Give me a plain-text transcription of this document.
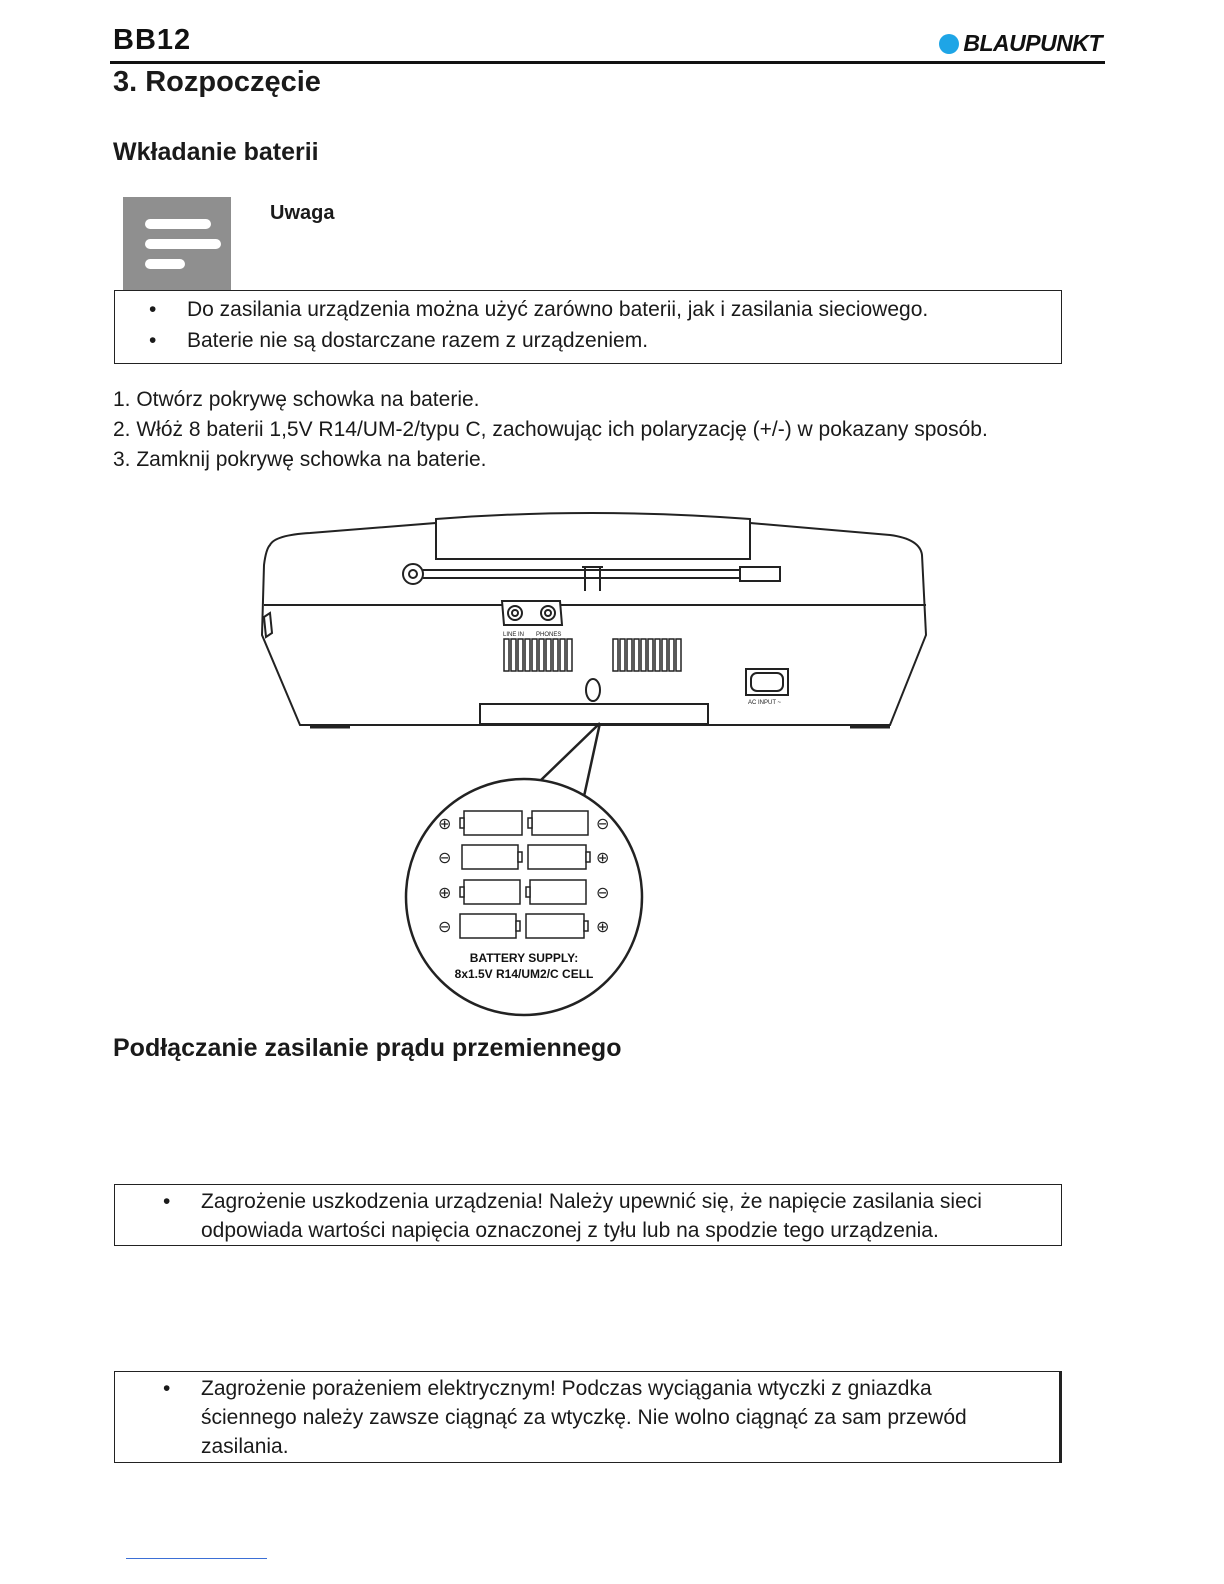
BB12	BLAUPUNKT
3. Rozpoczęcie
Wkładanie baterii
Uwaga
• Do zasilania urządzenia można użyć zarówno baterii, jak i zasilania sieciowego.
• Baterie nie są dostarczane razem z urządzeniem.
1. Otwórz pokrywę schowka na baterie.
2. Włóż 8 baterii 1,5V R14/UM-2/typu C, zachowując ich polaryzację (+/-) w pokazany sposób.
3. Zamknij pokrywę schowka na baterie.
LINE IN PHONES
AC INPUT ~
⊕	⊖
⊖	⊕
⊕	⊖
⊖	⊕
BATTERY SUPPLY:
8x1.5V R14/UM2/C CELL
Podłączanie zasilanie prądu przemiennego
• Zagrożenie uszkodzenia urządzenia! Należy upewnić się, że napięcie zasilania sieci
odpowiada wartości napięcia oznaczonej z tyłu lub na spodzie tego urządzenia.
• Zagrożenie porażeniem elektrycznym! Podczas wyciągania wtyczki z gniazdka
ściennego należy zawsze ciągnąć za wtyczkę. Nie wolno ciągnąć za sam przewód
zasilania.
